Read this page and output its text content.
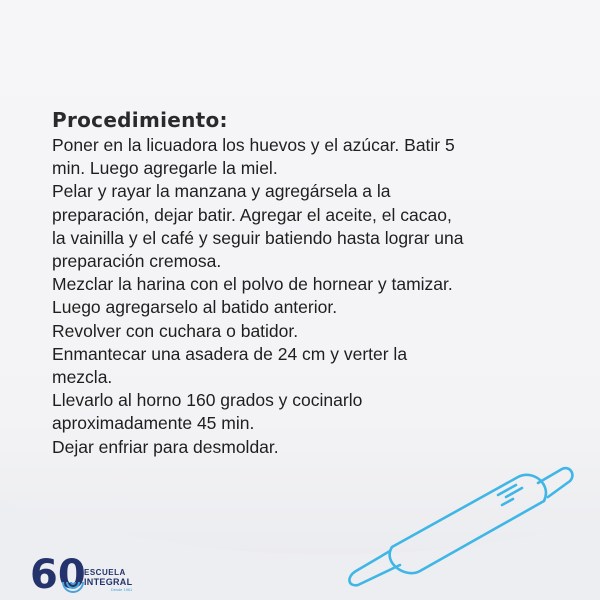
Procedimiento:
Poner en la licuadora los huevos y el azúcar. Batir 5
min. Luego agregarle la miel.
Pelar y rayar la manzana y agregársela a la
preparación, dejar batir. Agregar el aceite, el cacao,
la vainilla y el café y seguir batiendo hasta lograr una
preparación cremosa.
Mezclar la harina con el polvo de hornear y tamizar.
Luego agregarselo al batido anterior.
Revolver con cuchara o batidor.
Enmantecar una asadera de 24 cm y verter la
mezcla.
Llevarlo al horno 160 grados y cocinarlo
aproximadamente 45 min.
Dejar enfriar para desmoldar.
60
ESCUELA
INTEGRAL
Desde 1961
